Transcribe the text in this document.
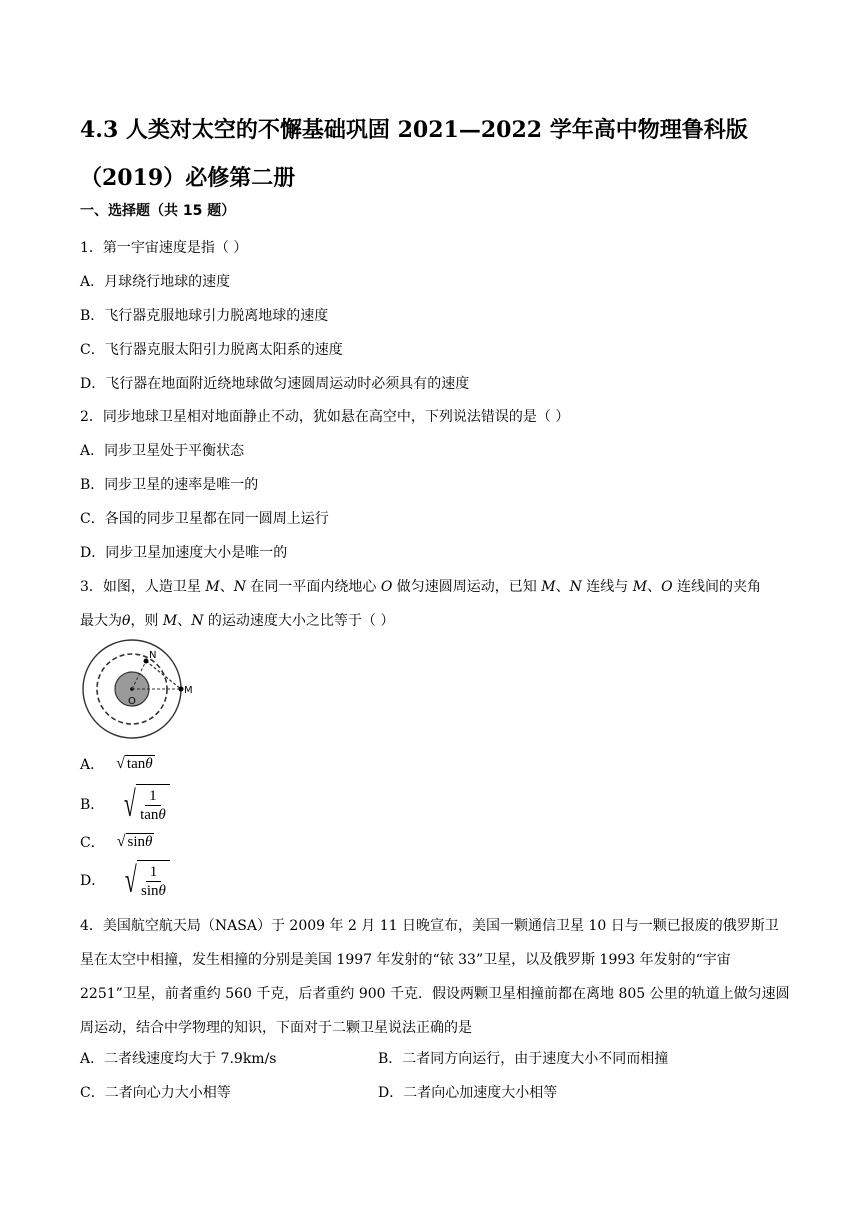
4.3 人类对太空的不懈基础巩固 2021—2022 学年高中物理鲁科版（2019）必修第二册
一、选择题（共 15 题）
1．第一宇宙速度是指（ ）
A．月球绕行地球的速度
B．飞行器克服地球引力脱离地球的速度
C．飞行器克服太阳引力脱离太阳系的速度
D．飞行器在地面附近绕地球做匀速圆周运动时必须具有的速度
2．同步地球卫星相对地面静止不动，犹如悬在高空中，下列说法错误的是（ ）
A．同步卫星处于平衡状态
B．同步卫星的速率是唯一的
C．各国的同步卫星都在同一圆周上运行
D．同步卫星加速度大小是唯一的
3．如图，人造卫星 M、N 在同一平面内绕地心 O 做匀速圆周运动，已知 M、N 连线与 M、O 连线间的夹角
最大为θ，则 M、N 的运动速度大小之比等于（ ）
N
M
O
A． √ tanθ
B． √ $\frac{1}{\tan\theta}$
C． √ sinθ
D． √ $\frac{1}{\sin\theta}$
4．美国航空航天局（NASA）于 2009 年 2 月 11 日晚宣布，美国一颗通信卫星 10 日与一颗已报废的俄罗斯卫星在太空中相撞，发生相撞的分别是美国 1997 年发射的“铱 33”卫星，以及俄罗斯 1993 年发射的“宇宙 2251”卫星，前者重约 560 千克，后者重约 900 千克．假设两颗卫星相撞前都在离地 805 公里的轨道上做匀速圆周运动，结合中学物理的知识，下面对于二颗卫星说法正确的是
A．二者线速度均大于 7.9km/s	B．二者同方向运行，由于速度大小不同而相撞
C．二者向心力大小相等	D．二者向心加速度大小相等
